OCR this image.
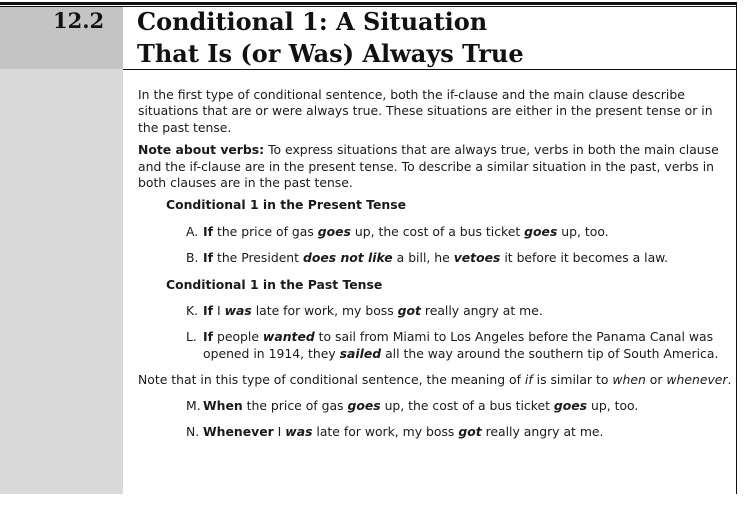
12.2 Conditional 1: A Situation
That Is (or Was) Always True

In the first type of conditional sentence, both the if-clause and the main clause describe situations that are or were always true. These situations are either in the present tense or in the past tense.

Note about verbs: To express situations that are always true, verbs in both the main clause and the if-clause are in the present tense. To describe a similar situation in the past, verbs in both clauses are in the past tense.

Conditional 1 in the Present Tense

A. If the price of gas goes up, the cost of a bus ticket goes up, too.
B. If the President does not like a bill, he vetoes it before it becomes a law.

Conditional 1 in the Past Tense

K. If I was late for work, my boss got really angry at me.
L. If people wanted to sail from Miami to Los Angeles before the Panama Canal was opened in 1914, they sailed all the way around the southern tip of South America.

Note that in this type of conditional sentence, the meaning of if is similar to when or whenever.

M. When the price of gas goes up, the cost of a bus ticket goes up, too.
N. Whenever I was late for work, my boss got really angry at me.
